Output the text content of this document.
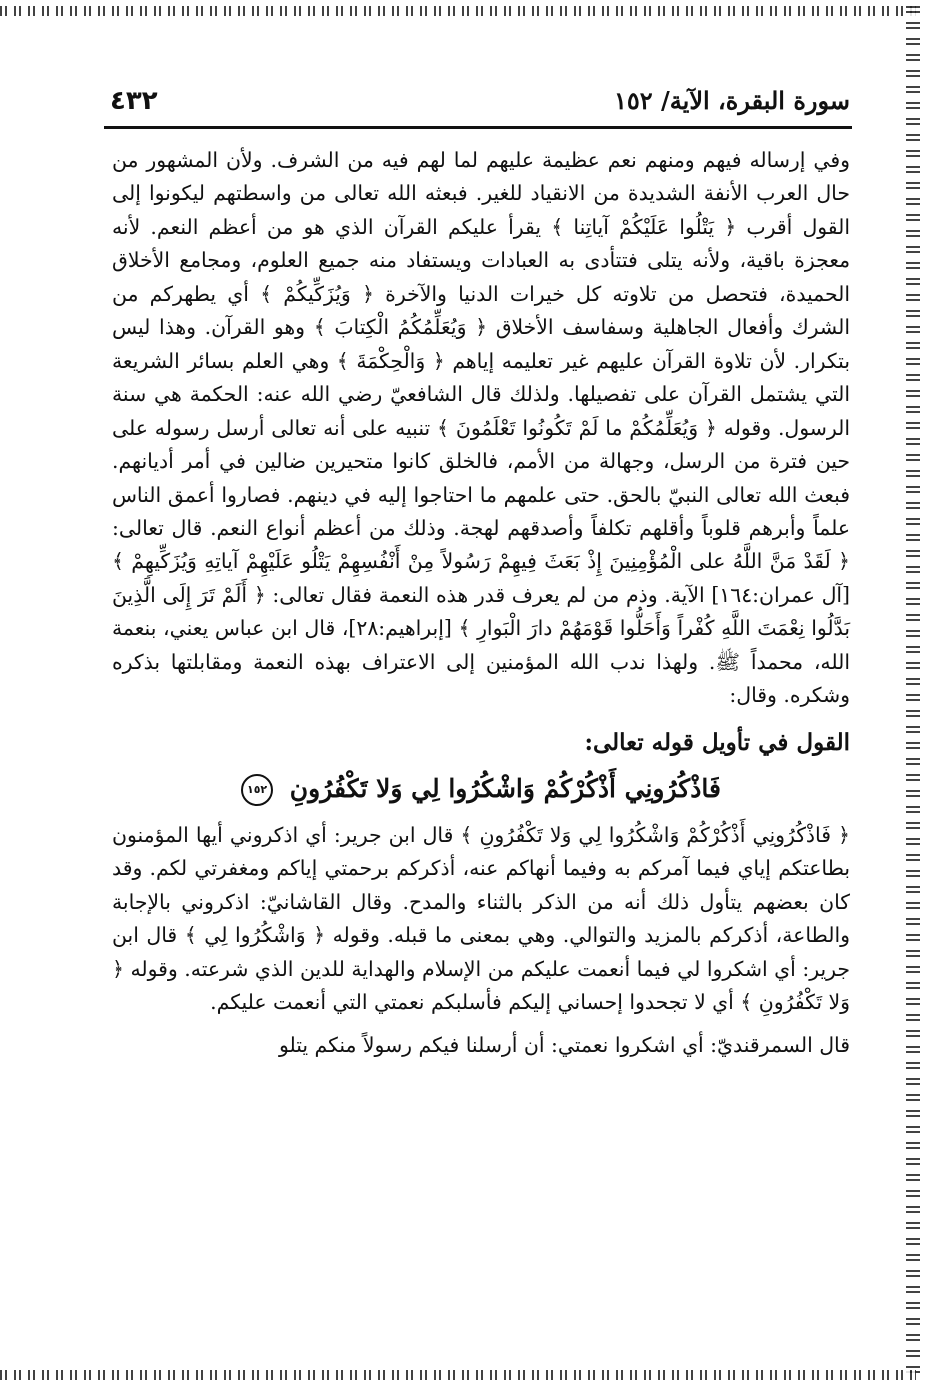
٤٣٢	سورة البقرة، الآية/ ١٥٢

وفي إرساله فيهم ومنهم نعم عظيمة عليهم لما لهم فيه من الشرف. ولأن المشهور من حال العرب الأنفة الشديدة من الانقياد للغير. فبعثه الله تعالى من واسطتهم ليكونوا إلى القول أقرب ﴿ يَتْلُوا عَلَيْكُمْ آياتِنا ﴾ يقرأ عليكم القرآن الذي هو من أعظم النعم. لأنه معجزة باقية، ولأنه يتلى فتتأدى به العبادات ويستفاد منه جميع العلوم، ومجامع الأخلاق الحميدة، فتحصل من تلاوته كل خيرات الدنيا والآخرة ﴿ وَيُزَكِّيكُمْ ﴾ أي يطهركم من الشرك وأفعال الجاهلية وسفاسف الأخلاق ﴿ وَيُعَلِّمُكُمُ الْكِتابَ ﴾ وهو القرآن. وهذا ليس بتكرار. لأن تلاوة القرآن عليهم غير تعليمه إياهم ﴿ وَالْحِكْمَةَ ﴾ وهي العلم بسائر الشريعة التي يشتمل القرآن على تفصيلها. ولذلك قال الشافعيّ رضي الله عنه: الحكمة هي سنة الرسول. وقوله ﴿ وَيُعَلِّمُكُمْ ما لَمْ تَكُونُوا تَعْلَمُونَ ﴾ تنبيه على أنه تعالى أرسل رسوله على حين فترة من الرسل، وجهالة من الأمم، فالخلق كانوا متحيرين ضالين في أمر أديانهم. فبعث الله تعالى النبيّ بالحق. حتى علمهم ما احتاجوا إليه في دينهم. فصاروا أعمق الناس علماً وأبرهم قلوباً وأقلهم تكلفاً وأصدقهم لهجة. وذلك من أعظم أنواع النعم. قال تعالى: ﴿ لَقَدْ مَنَّ اللَّهُ على الْمُؤْمِنِينَ إِذْ بَعَثَ فِيهِمْ رَسُولاً مِنْ أَنْفُسِهِمْ يَتْلُو عَلَيْهِمْ آياتِهِ وَيُزَكِّيهِمْ ﴾ [آل عمران:١٦٤] الآية. وذم من لم يعرف قدر هذه النعمة فقال تعالى: ﴿ أَلَمْ تَرَ إِلَى الَّذِينَ بَدَّلُوا نِعْمَتَ اللَّهِ كُفْراً وَأَحَلُّوا قَوْمَهُمْ دارَ الْبَوارِ ﴾ [إبراهيم:٢٨]، قال ابن عباس يعني، بنعمة الله، محمداً ﷺ. ولهذا ندب الله المؤمنين إلى الاعتراف بهذه النعمة ومقابلتها بذكره وشكره. وقال:

القول في تأويل قوله تعالى:
فَاذْكُرُونِي أَذْكُرْكُمْ وَاشْكُرُوا لِي وَلا تَكْفُرُونِ ١٥٢

﴿ فَاذْكُرُونِي أَذْكُرْكُمْ وَاشْكُرُوا لِي وَلا تَكْفُرُونِ ﴾ قال ابن جرير: أي اذكروني أيها المؤمنون بطاعتكم إياي فيما آمركم به وفيما أنهاكم عنه، أذكركم برحمتي إياكم ومغفرتي لكم. وقد كان بعضهم يتأول ذلك أنه من الذكر بالثناء والمدح. وقال القاشانيّ: اذكروني بالإجابة والطاعة، أذكركم بالمزيد والتوالي. وهي بمعنى ما قبله. وقوله ﴿ وَاشْكُرُوا لِي ﴾ قال ابن جرير: أي اشكروا لي فيما أنعمت عليكم من الإسلام والهداية للدين الذي شرعته. وقوله ﴿ وَلا تَكْفُرُونِ ﴾ أي لا تجحدوا إحساني إليكم فأسلبكم نعمتي التي أنعمت عليكم.

قال السمرقنديّ: أي اشكروا نعمتي: أن أرسلنا فيكم رسولاً منكم يتلو
